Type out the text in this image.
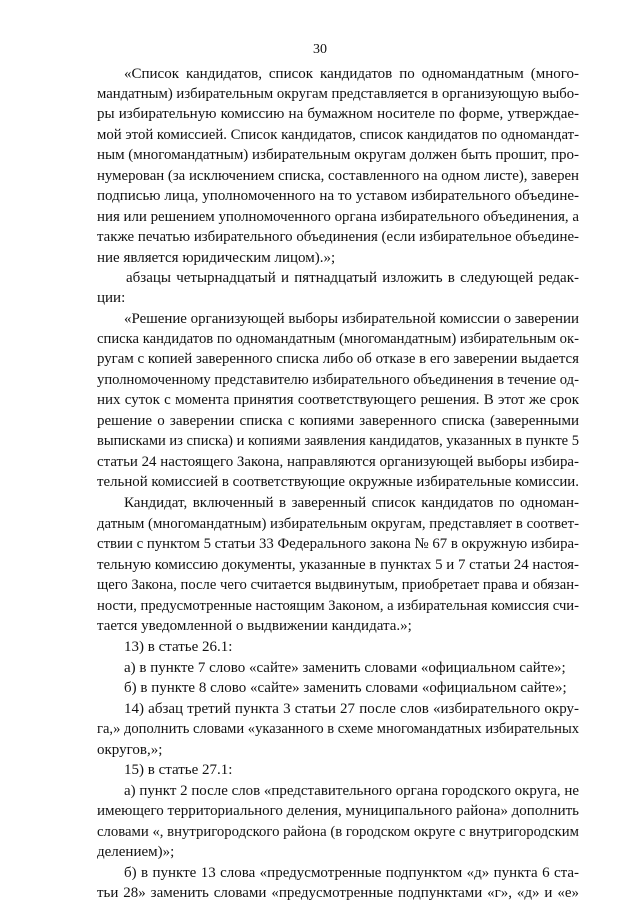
30
«Список кандидатов, список кандидатов по одномандатным (много-
мандатным) избирательным округам представляется в организующую выбо-
ры избирательную комиссию на бумажном носителе по форме, утверждае-
мой этой комиссией. Список кандидатов, список кандидатов по одномандат-
ным (многомандатным) избирательным округам должен быть прошит, про-
нумерован (за исключением списка, составленного на одном листе), заверен
подписью лица, уполномоченного на то уставом избирательного объедине-
ния или решением уполномоченного органа избирательного объединения, а
также печатью избирательного объединения (если избирательное объедине-
ние является юридическим лицом).»;
абзацы четырнадцатый и пятнадцатый изложить в следующей редак-
ции:
«Решение организующей выборы избирательной комиссии о заверении
списка кандидатов по одномандатным (многомандатным) избирательным ок-
ругам с копией заверенного списка либо об отказе в его заверении выдается
уполномоченному представителю избирательного объединения в течение од-
них суток с момента принятия соответствующего решения. В этот же срок
решение о заверении списка с копиями заверенного списка (заверенными
выписками из списка) и копиями заявления кандидатов, указанных в пункте 5
статьи 24 настоящего Закона, направляются организующей выборы избира-
тельной комиссией в соответствующие окружные избирательные комиссии.
Кандидат, включенный в заверенный список кандидатов по одноман-
датным (многомандатным) избирательным округам, представляет в соответ-
ствии с пунктом 5 статьи 33 Федерального закона № 67 в окружную избира-
тельную комиссию документы, указанные в пунктах 5 и 7 статьи 24 настоя-
щего Закона, после чего считается выдвинутым, приобретает права и обязан-
ности, предусмотренные настоящим Законом, а избирательная комиссия счи-
тается уведомленной о выдвижении кандидата.»;
13) в статье 26.1:
а) в пункте 7 слово «сайте» заменить словами «официальном сайте»;
б) в пункте 8 слово «сайте» заменить словами «официальном сайте»;
14) абзац третий пункта 3 статьи 27 после слов «избирательного окру-
га,» дополнить словами «указанного в схеме многомандатных избирательных
округов,»;
15) в статье 27.1:
а) пункт 2 после слов «представительного органа городского округа, не
имеющего территориального деления, муниципального района» дополнить
словами «, внутригородского района (в городском округе с внутригородским
делением)»;
б) в пункте 13 слова «предусмотренные подпунктом «д» пункта 6 ста-
тьи 28» заменить словами «предусмотренные подпунктами «г», «д» и «е»
